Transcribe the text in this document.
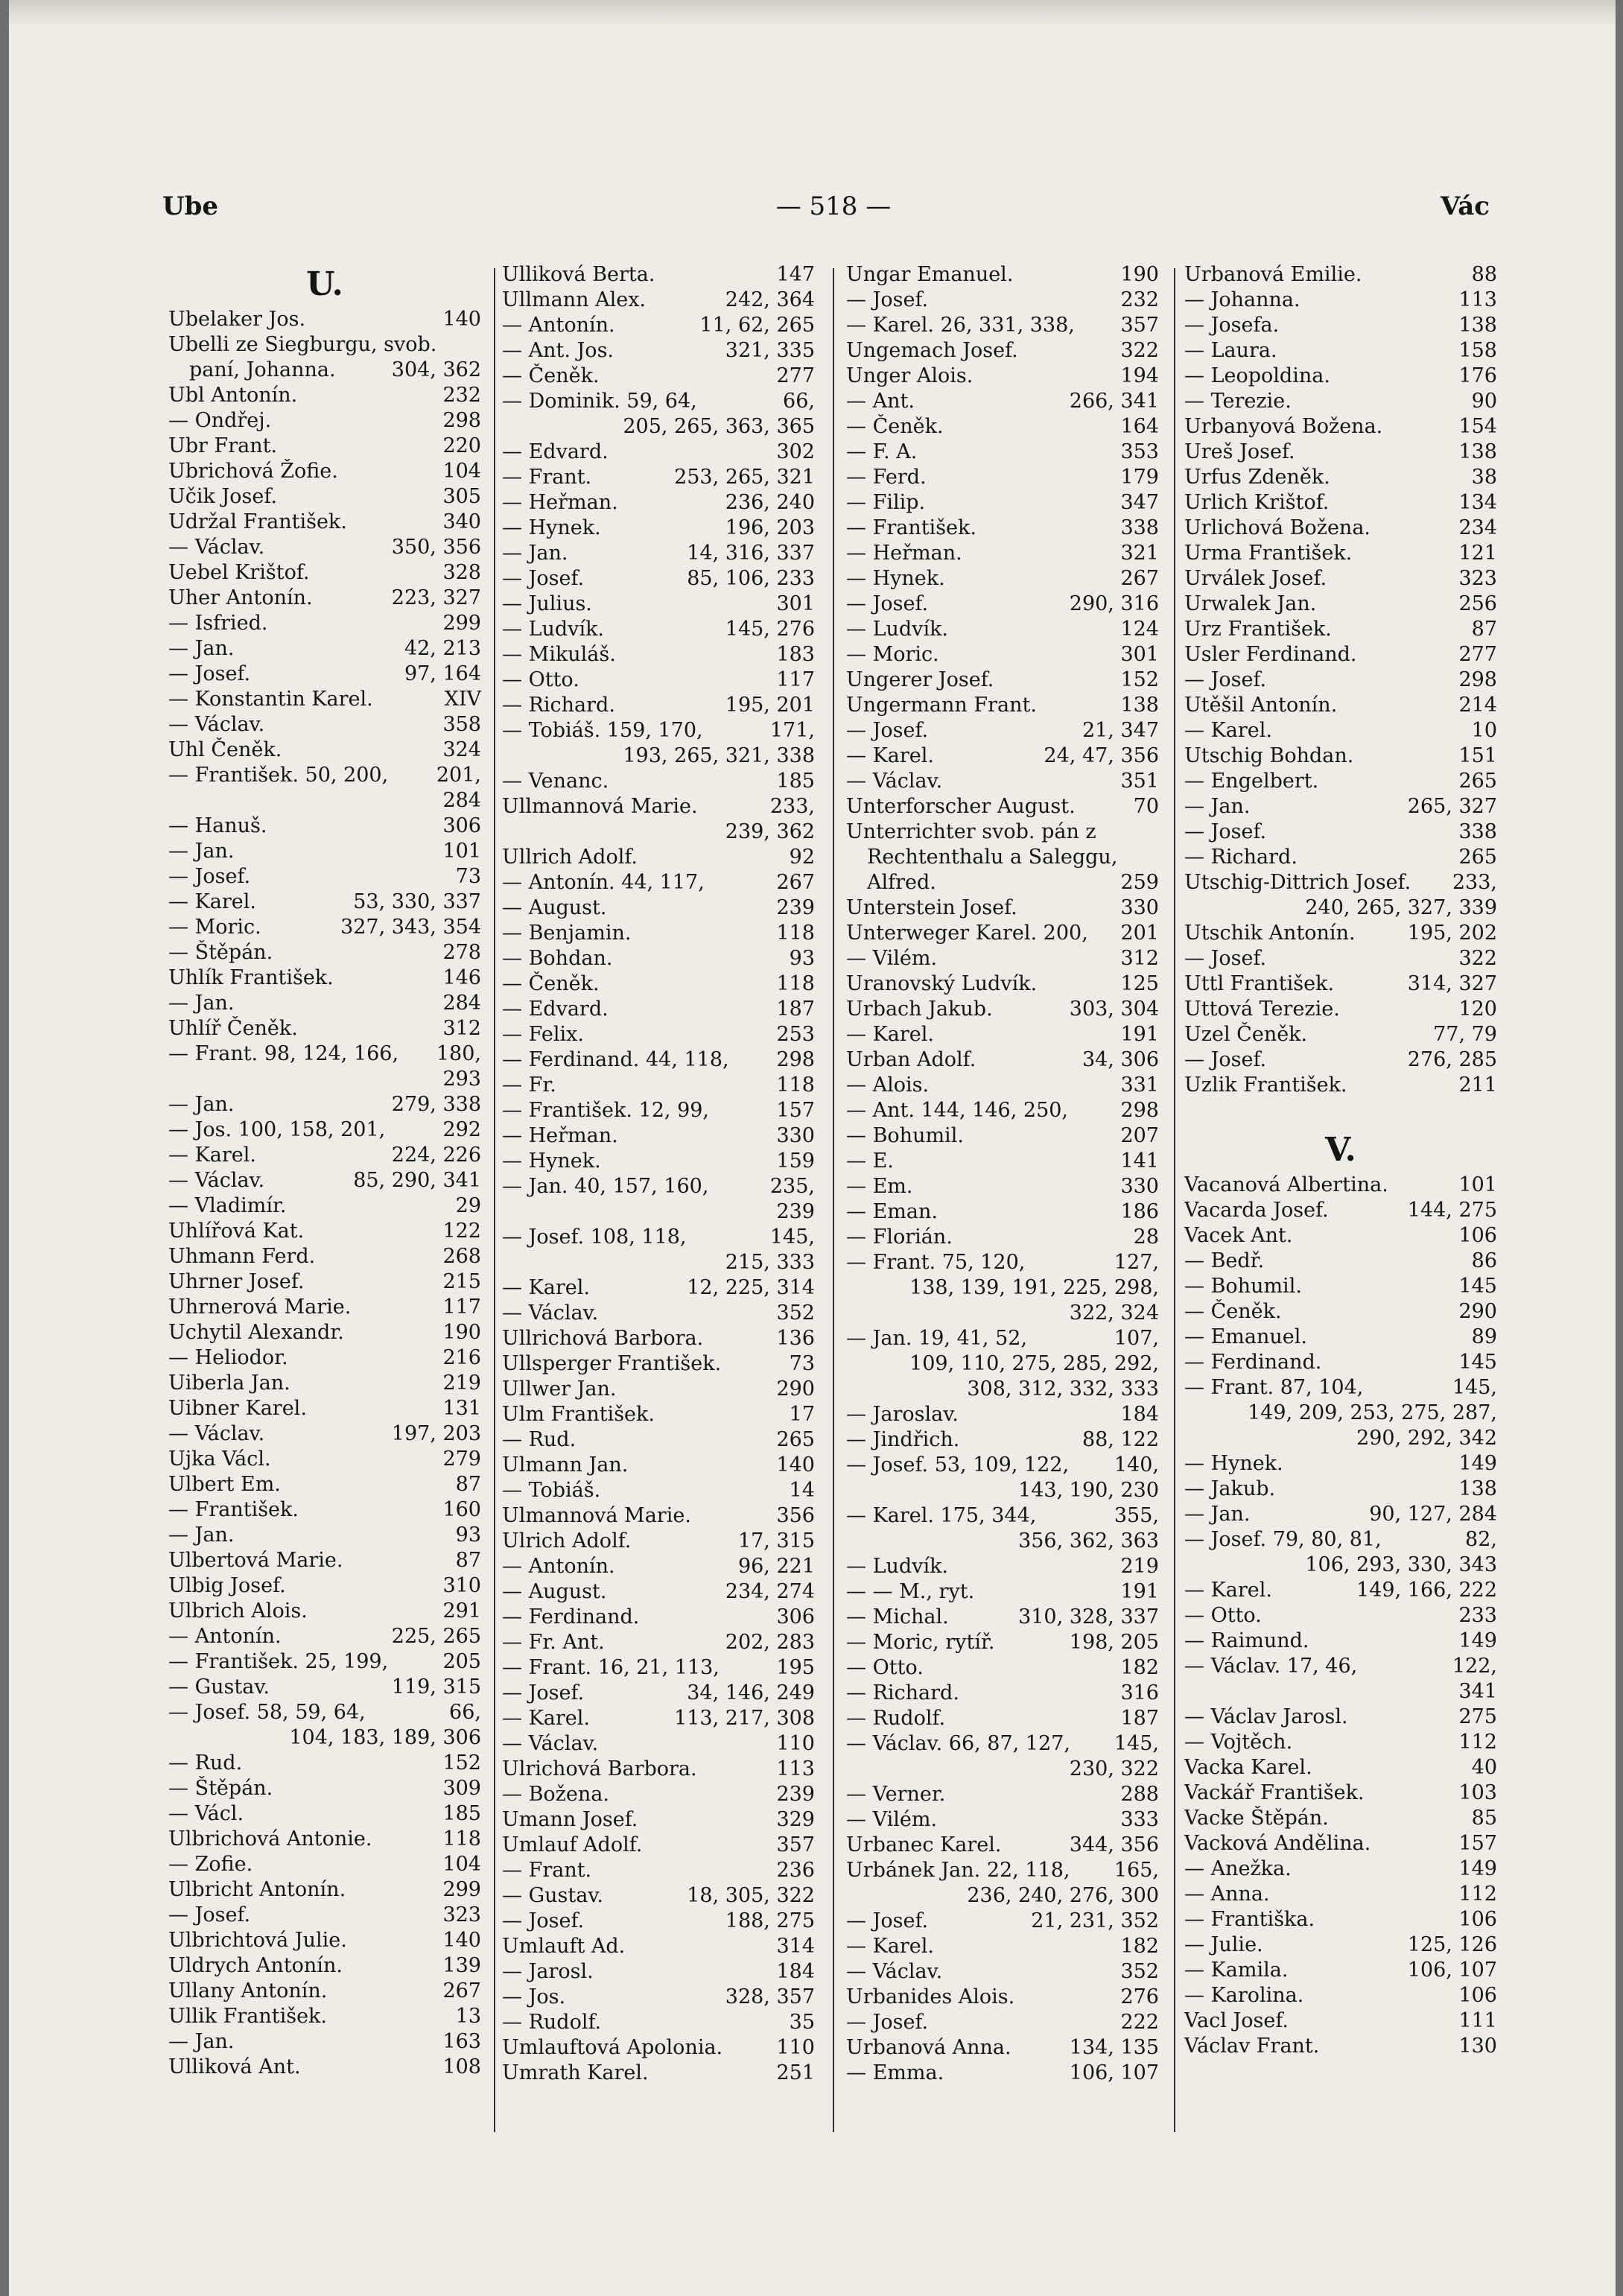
Ube	— 518 —	Vác
U.
Ubelaker Jos.	140
Ubelli ze Siegburgu, svob.
paní, Johanna.	304, 362
Ubl Antonín.	232
— Ondřej.	298
Ubr Frant.	220
Ubrichová Žofie.	104
Učik Josef.	305
Udržal František.	340
— Václav.	350, 356
Uebel Krištof.	328
Uher Antonín.	223, 327
— Isfried.	299
— Jan.	42, 213
— Josef.	97, 164
— Konstantin Karel.	XIV
— Václav.	358
Uhl Čeněk.	324
— František. 50, 200,	201,
284
— Hanuš.	306
— Jan.	101
— Josef.	73
— Karel.	53, 330, 337
— Moric.	327, 343, 354
— Štěpán.	278
Uhlík František.	146
— Jan.	284
Uhlíř Čeněk.	312
— Frant. 98, 124, 166,	180,
293
— Jan.	279, 338
— Jos. 100, 158, 201,	292
— Karel.	224, 226
— Václav.	85, 290, 341
— Vladimír.	29
Uhlířová Kat.	122
Uhmann Ferd.	268
Uhrner Josef.	215
Uhrnerová Marie.	117
Uchytil Alexandr.	190
— Heliodor.	216
Uiberla Jan.	219
Uibner Karel.	131
— Václav.	197, 203
Ujka Václ.	279
Ulbert Em.	87
— František.	160
— Jan.	93
Ulbertová Marie.	87
Ulbig Josef.	310
Ulbrich Alois.	291
— Antonín.	225, 265
— František. 25, 199,	205
— Gustav.	119, 315
— Josef. 58, 59, 64,	66,
104, 183, 189, 306
— Rud.	152
— Štěpán.	309
— Václ.	185
Ulbrichová Antonie.	118
— Zofie.	104
Ulbricht Antonín.	299
— Josef.	323
Ulbrichtová Julie.	140
Uldrych Antonín.	139
Ullany Antonín.	267
Ullik František.	13
— Jan.	163
Ulliková Ant.	108
Ulliková Berta.	147
Ullmann Alex.	242, 364
— Antonín.	11, 62, 265
— Ant. Jos.	321, 335
— Čeněk.	277
— Dominik. 59, 64,	66,
205, 265, 363, 365
— Edvard.	302
— Frant.	253, 265, 321
— Heřman.	236, 240
— Hynek.	196, 203
— Jan.	14, 316, 337
— Josef.	85, 106, 233
— Julius.	301
— Ludvík.	145, 276
— Mikuláš.	183
— Otto.	117
— Richard.	195, 201
— Tobiáš. 159, 170,	171,
193, 265, 321, 338
— Venanc.	185
Ullmannová Marie.	233,
239, 362
Ullrich Adolf.	92
— Antonín. 44, 117,	267
— August.	239
— Benjamin.	118
— Bohdan.	93
— Čeněk.	118
— Edvard.	187
— Felix.	253
— Ferdinand. 44, 118,	298
— Fr.	118
— František. 12, 99,	157
— Heřman.	330
— Hynek.	159
— Jan. 40, 157, 160,	235,
239
— Josef. 108, 118,	145,
215, 333
— Karel.	12, 225, 314
— Václav.	352
Ullrichová Barbora.	136
Ullsperger František.	73
Ullwer Jan.	290
Ulm František.	17
— Rud.	265
Ulmann Jan.	140
— Tobiáš.	14
Ulmannová Marie.	356
Ulrich Adolf.	17, 315
— Antonín.	96, 221
— August.	234, 274
— Ferdinand.	306
— Fr. Ant.	202, 283
— Frant. 16, 21, 113,	195
— Josef.	34, 146, 249
— Karel.	113, 217, 308
— Václav.	110
Ulrichová Barbora.	113
— Božena.	239
Umann Josef.	329
Umlauf Adolf.	357
— Frant.	236
— Gustav.	18, 305, 322
— Josef.	188, 275
Umlauft Ad.	314
— Jarosl.	184
— Jos.	328, 357
— Rudolf.	35
Umlauftová Apolonia.	110
Umrath Karel.	251
Ungar Emanuel.	190
— Josef.	232
— Karel. 26, 331, 338,	357
Ungemach Josef.	322
Unger Alois.	194
— Ant.	266, 341
— Čeněk.	164
— F. A.	353
— Ferd.	179
— Filip.	347
— František.	338
— Heřman.	321
— Hynek.	267
— Josef.	290, 316
— Ludvík.	124
— Moric.	301
Ungerer Josef.	152
Ungermann Frant.	138
— Josef.	21, 347
— Karel.	24, 47, 356
— Václav.	351
Unterforscher August.	70
Unterrichter svob. pán z
Rechtenthalu a Saleggu,
Alfred.	259
Unterstein Josef.	330
Unterweger Karel. 200,	201
— Vilém.	312
Uranovský Ludvík.	125
Urbach Jakub.	303, 304
— Karel.	191
Urban Adolf.	34, 306
— Alois.	331
— Ant. 144, 146, 250,	298
— Bohumil.	207
— E.	141
— Em.	330
— Eman.	186
— Florián.	28
— Frant. 75, 120,	127,
138, 139, 191, 225, 298,
322, 324
— Jan. 19, 41, 52,	107,
109, 110, 275, 285, 292,
308, 312, 332, 333
— Jaroslav.	184
— Jindřich.	88, 122
— Josef. 53, 109, 122,	140,
143, 190, 230
— Karel. 175, 344,	355,
356, 362, 363
— Ludvík.	219
— — M., ryt.	191
— Michal.	310, 328, 337
— Moric, rytíř.	198, 205
— Otto.	182
— Richard.	316
— Rudolf.	187
— Václav. 66, 87, 127,	145,
230, 322
— Verner.	288
— Vilém.	333
Urbanec Karel.	344, 356
Urbánek Jan. 22, 118,	165,
236, 240, 276, 300
— Josef.	21, 231, 352
— Karel.	182
— Václav.	352
Urbanides Alois.	276
— Josef.	222
Urbanová Anna.	134, 135
— Emma.	106, 107
Urbanová Emilie.	88
— Johanna.	113
— Josefa.	138
— Laura.	158
— Leopoldina.	176
— Terezie.	90
Urbanyová Božena.	154
Ureš Josef.	138
Urfus Zdeněk.	38
Urlich Krištof.	134
Urlichová Božena.	234
Urma František.	121
Urválek Josef.	323
Urwalek Jan.	256
Urz František.	87
Usler Ferdinand.	277
— Josef.	298
Utěšil Antonín.	214
— Karel.	10
Utschig Bohdan.	151
— Engelbert.	265
— Jan.	265, 327
— Josef.	338
— Richard.	265
Utschig-Dittrich Josef.	233,
240, 265, 327, 339
Utschik Antonín.	195, 202
— Josef.	322
Uttl František.	314, 327
Uttová Terezie.	120
Uzel Čeněk.	77, 79
— Josef.	276, 285
Uzlik František.	211
V.
Vacanová Albertina.	101
Vacarda Josef.	144, 275
Vacek Ant.	106
— Bedř.	86
— Bohumil.	145
— Čeněk.	290
— Emanuel.	89
— Ferdinand.	145
— Frant. 87, 104,	145,
149, 209, 253, 275, 287,
290, 292, 342
— Hynek.	149
— Jakub.	138
— Jan.	90, 127, 284
— Josef. 79, 80, 81,	82,
106, 293, 330, 343
— Karel.	149, 166, 222
— Otto.	233
— Raimund.	149
— Václav. 17, 46,	122,
341
— Václav Jarosl.	275
— Vojtěch.	112
Vacka Karel.	40
Vackář František.	103
Vacke Štěpán.	85
Vacková Andělina.	157
— Anežka.	149
— Anna.	112
— Františka.	106
— Julie.	125, 126
— Kamila.	106, 107
— Karolina.	106
Vacl Josef.	111
Václav Frant.	130
